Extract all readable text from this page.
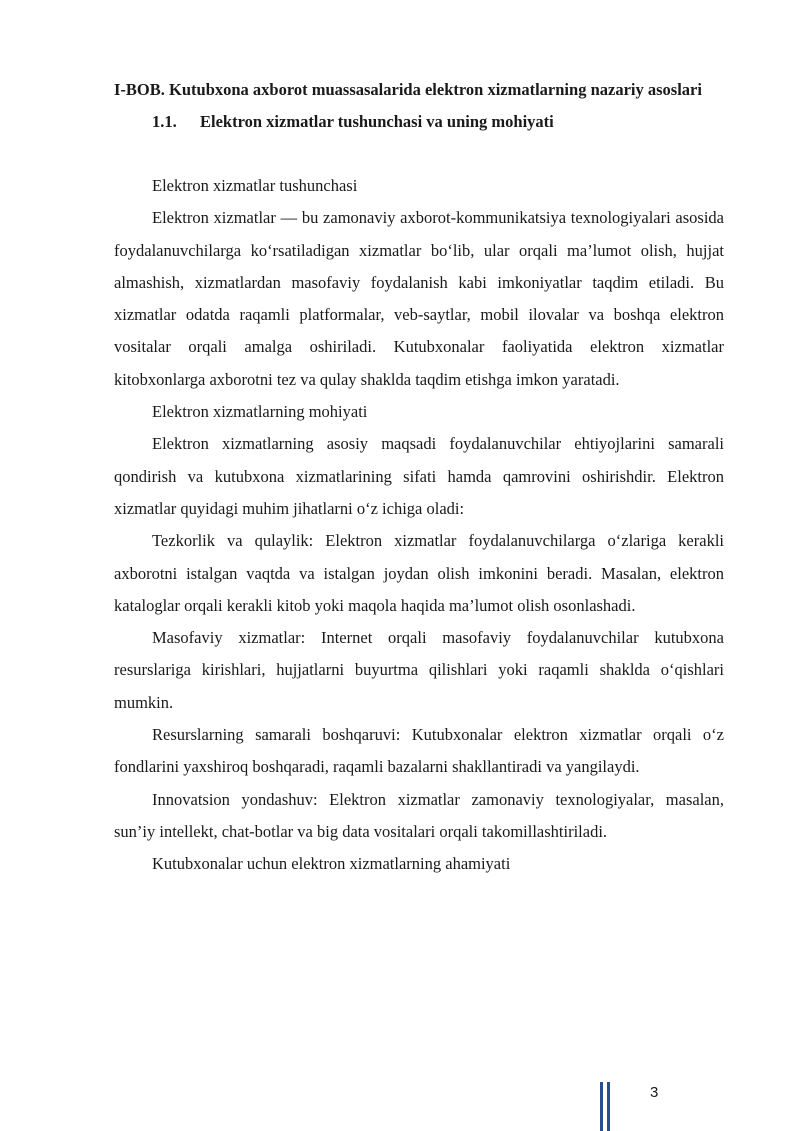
I-BOB. Kutubxona axborot muassasalarida elektron xizmatlarning nazariy asoslari

1.1.	Elektron xizmatlar tushunchasi va uning mohiyati

Elektron xizmatlar tushunchasi

Elektron xizmatlar — bu zamonaviy axborot-kommunikatsiya texnologiyalari asosida foydalanuvchilarga ko‘rsatiladigan xizmatlar bo‘lib, ular orqali ma’lumot olish, hujjat almashish, xizmatlardan masofaviy foydalanish kabi imkoniyatlar taqdim etiladi. Bu xizmatlar odatda raqamli platformalar, veb-saytlar, mobil ilovalar va boshqa elektron vositalar orqali amalga oshiriladi. Kutubxonalar faoliyatida elektron xizmatlar kitobxonlarga axborotni tez va qulay shaklda taqdim etishga imkon yaratadi.

Elektron xizmatlarning mohiyati

Elektron xizmatlarning asosiy maqsadi foydalanuvchilar ehtiyojlarini samarali qondirish va kutubxona xizmatlarining sifati hamda qamrovini oshirishdir. Elektron xizmatlar quyidagi muhim jihatlarni o‘z ichiga oladi:

Tezkorlik va qulaylik: Elektron xizmatlar foydalanuvchilarga o‘zlariga kerakli axborotni istalgan vaqtda va istalgan joydan olish imkonini beradi. Masalan, elektron kataloglar orqali kerakli kitob yoki maqola haqida ma’lumot olish osonlashadi.

Masofaviy xizmatlar: Internet orqali masofaviy foydalanuvchilar kutubxona resurslariga kirishlari, hujjatlarni buyurtma qilishlari yoki raqamli shaklda o‘qishlari mumkin.

Resurslarning samarali boshqaruvi: Kutubxonalar elektron xizmatlar orqali o‘z fondlarini yaxshiroq boshqaradi, raqamli bazalarni shakllantiradi va yangilaydi.

Innovatsion yondashuv: Elektron xizmatlar zamonaviy texnologiyalar, masalan, sun’iy intellekt, chat-botlar va big data vositalari orqali takomillashtiriladi.

Kutubxonalar uchun elektron xizmatlarning ahamiyati

3
